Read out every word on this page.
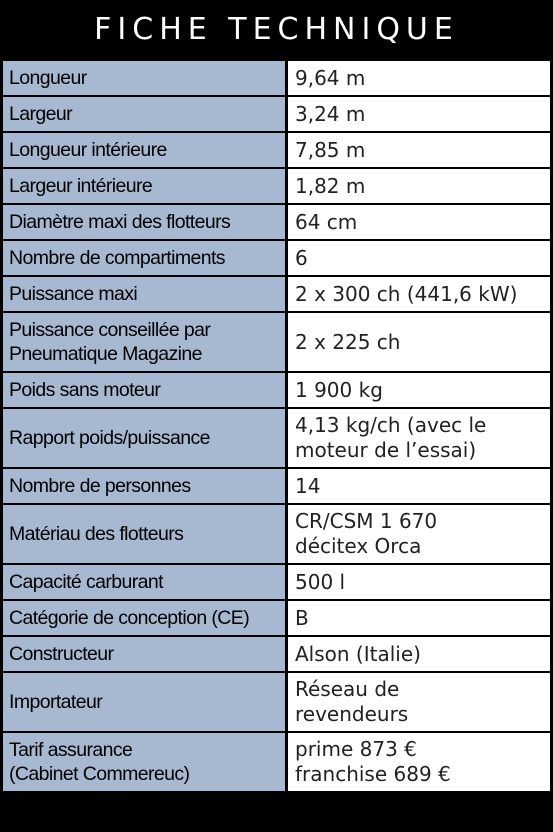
FICHE TECHNIQUE
Longueur	9,64 m
Largeur	3,24 m
Longueur intérieure	7,85 m
Largeur intérieure	1,82 m
Diamètre maxi des flotteurs	64 cm
Nombre de compartiments	6
Puissance maxi	2 x 300 ch (441,6 kW)
Puissance conseillée par
Pneumatique Magazine	2 x 225 ch
Poids sans moteur	1 900 kg
Rapport poids/puissance	4,13 kg/ch (avec le
moteur de l’essai)
Nombre de personnes	14
Matériau des flotteurs	CR/CSM 1 670
décitex Orca
Capacité carburant	500 l
Catégorie de conception (CE)	B
Constructeur	Alson (Italie)
Importateur	Réseau de
revendeurs
Tarif assurance
(Cabinet Commereuc)	prime 873 €
franchise 689 €
